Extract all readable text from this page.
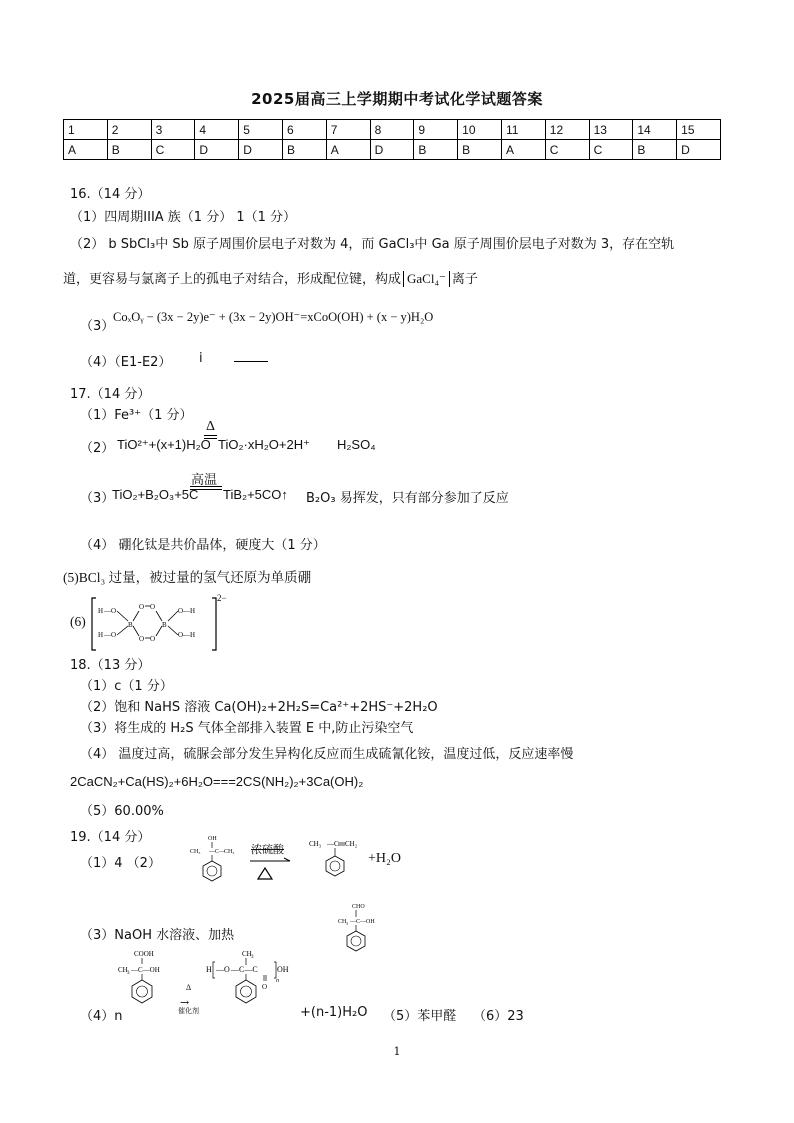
2025届高三上学期期中考试化学试题答案
1	2	3	4	5	6	7	8	9	10	11	12	13	14	15
A	B	C	D	D	B	A	D	B	B	A	C	C	B	D
16.（14 分）
（1）四周期IIIA 族（1 分） 1（1 分）
（2） b SbCl₃中 Sb 原子周围价层电子对数为 4，而 GaCl₃中 Ga 原子周围价层电子对数为 3，存在空轨
道，更容易与氯离子上的孤电子对结合，形成配位键，构成 GaCl₄⁻ 离子
（3）
CoₓOᵧ − (3x − 2y)e⁻ + (3x − 2y)OH⁻=xCoO(OH) + (x − y)H₂O
（4）（E1-E2） i
17.（14 分）
（1）Fe³⁺（1 分）
（2） TiO²⁺+(x+1)H₂O
Δ
TiO₂·xH₂O+2H⁺ H₂SO₄
（3）
TiO₂+B₂O₃+5C
高温
TiB₂+5CO↑ B₂O₃ 易挥发，只有部分参加了反应
（4） 硼化钛是共价晶体，硬度大（1 分）
(5)BCl₃ 过量，被过量的氢气还原为单质硼
(6)
H —O
H —O
B
O O
O O
B
O—H
O—H
2−
18.（13 分）
（1）c（1 分）
（2）饱和 NaHS 溶液 Ca(OH)₂+2H₂S=Ca²⁺+2HS⁻+2H₂O
（3）将生成的 H₂S 气体全部排入装置 E 中,防止污染空气
（4） 温度过高，硫脲会部分发生异构化反应而生成硫氰化铵，温度过低，反应速率慢
2CaCN₂+Ca(HS)₂+6H₂O===2CS(NH₂)₂+3Ca(OH)₂
（5）60.00%
19.（14 分）
（1）4 （2）
OH
CH₃ —C—
CH₃ 浓硫酸	CH₃ —C CH₂
+H₂O
（3）NaOH 水溶液、加热
CHO
CH 3 —C—OH
（4）n
COOH
CH 3 —C—OH
Δ
→
催化剂
CH 3
H — O —C—C OH
n
O
+(n-1)H₂O （5）苯甲醛 （6）23
1
